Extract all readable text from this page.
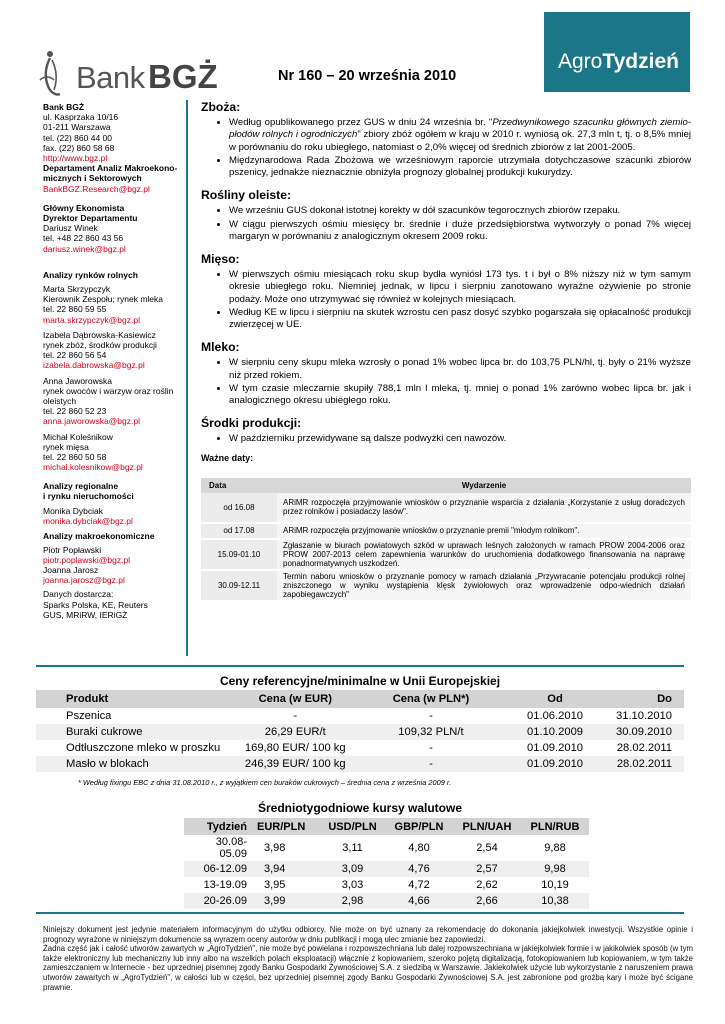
Bank BGŻ	Nr 160 – 20 września 2010
AgroTydzień
Bank BGŻ
ul. Kasprzaka 10/16
01-211 Warszawa
tel. (22) 860 44 00
fax. (22) 860 58 68
http://www.bgz.pl
Departament Analiz Makroekono-
micznych i Sektorowych
BankBGZ.Research@bgz.pl
Główny Ekonomista
Dyrektor Departamentu
Dariusz Winek
tel. +48 22 860 43 56
dariusz.winek@bgz.pl
Analizy rynków rolnych
Marta Skrzypczyk
Kierownik Zespołu; rynek mleka
tel. 22 860 59 55
marta.skrzypczyk@bgz.pl
Izabela Dąbrowska-Kasiewicz
rynek zbóż, środków produkcji
tel. 22 860 56 54
izabela.dabrowska@bgz.pl
Anna Jaworowska
rynek owoców i warzyw oraz roślin
oleistych
tel. 22 860 52 23
anna.jaworowska@bgz.pl
Michał Koleśnikow
rynek mięsa
tel. 22 860 50 58
michal.kolesnikow@bgz.pl
Analizy regionalne
i rynku nieruchomości
Monika Dybciak
monika.dybciak@bgz.pl
Analizy makroekonomiczne
Piotr Popławski
piotr.poplawski@bgz.pl
Joanna Jarosz
joanna.jarosz@bgz.pl
Danych dostarcza:
Sparks Polska, KE, Reuters
GUS, MRiRW, IERiGŻ
Zboża:
• Według opublikowanego przez GUS w dniu 24 września br. "Przedwynikowego szacunku głównych ziemio-płodów rolnych i ogrodniczych" zbiory zbóż ogółem w kraju w 2010 r. wyniosą ok. 27,3 mln t, tj. o 8,5% mniej w porównaniu do roku ubiegłego, natomiast o 2,0% więcej od średnich zbiorów z lat 2001-2005.
• Międzynarodowa Rada Zbożowa we wrześniowym raporcie utrzymała dotychczasowe szacunki zbiorów pszenicy, jednakże nieznacznie obniżyła prognozy globalnej produkcji kukurydzy.
Rośliny oleiste:
• We wrześniu GUS dokonał istotnej korekty w dół szacunków tegorocznych zbiorów rzepaku.
• W ciągu pierwszych ośmiu miesięcy br. średnie i duże przedsiębiorstwa wytworzyły o ponad 7% więcej margaryn w porównaniu z analogicznym okresem 2009 roku.
Mięso:
• W pierwszych ośmiu miesiącach roku skup bydła wyniósł 173 tys. t i był o 8% niższy niż w tym samym okresie ubiegłego roku. Niemniej jednak, w lipcu i sierpniu zanotowano wyraźne ożywienie po stronie podaży. Może ono utrzymywać się również w kolejnych miesiącach.
• Według KE w lipcu i sierpniu na skutek wzrostu cen pasz dosyć szybko pogarszała się opłacalność produkcji zwierzęcej w UE.
Mleko:
• W sierpniu ceny skupu mleka wzrosły o ponad 1% wobec lipca br. do 103,75 PLN/hl, tj. były o 21% wyższe niż przed rokiem.
• W tym czasie mleczarnie skupiły 788,1 mln l mleka, tj. mniej o ponad 1% zarówno wobec lipca br. jak i analogicznego okresu ubiegłego roku.
Środki produkcji:
• W październiku przewidywane są dalsze podwyżki cen nawozów.
Ważne daty:
Data	Wydarzenie
od 16.08	ARiMR rozpoczęła przyjmowanie wniosków o przyznanie wsparcia z działania „Korzystanie z usług doradczych przez rolników i posiadaczy lasów".
od 17.08	ARiMR rozpoczęła przyjmowanie wniosków o przyznanie premii "młodym rolnikom".
15.09-01.10	Zgłaszanie w biurach powiatowych szkód w uprawach leśnych założonych w ramach PROW 2004-2006 oraz PROW 2007-2013 celem zapewnienia warunków do uruchomienia dodatkowego finansowania na naprawę ponadnormatywnych uszkodzeń.
30.09-12.11	Termin naboru wniosków o przyznanie pomocy w ramach działania „Przywracanie potencjału produkcji rolnej zniszczonego w wyniku wystąpienia klęsk żywiołowych oraz wprowadzenie odpo-wiednich działań zapobiegawczych"
Ceny referencyjne/minimalne w Unii Europejskiej
Produkt	Cena (w EUR)	Cena (w PLN*)	Od	Do
Pszenica	-	-	01.06.2010	31.10.2010
Buraki cukrowe	26,29 EUR/t	109,32 PLN/t	01.10.2009	30.09.2010
Odtłuszczone mleko w proszku	169,80 EUR/ 100 kg	-	01.09.2010	28.02.2011
Masło w blokach	246,39 EUR/ 100 kg	-	01.09.2010	28.02.2011
* Według fixingu EBC z dnia 31.08.2010 r., z wyjątkiem cen buraków cukrowych – średnia cena z września 2009 r.
Średniotygodniowe kursy walutowe
Tydzień	EUR/PLN	USD/PLN	GBP/PLN	PLN/UAH	PLN/RUB
30.08-05.09	3,98	3,11	4,80	2,54	9,88
06-12.09	3,94	3,09	4,76	2,57	9,98
13-19.09	3,95	3,03	4,72	2,62	10,19
20-26.09	3,99	2,98	4,66	2,66	10,38

Niniejszy dokument jest jedynie materiałem informacyjnym do użytku odbiorcy. Nie może on być uznany za rekomendację do dokonania jakiejkolwiek inwestycji. Wszystkie opinie i prognozy wyrażone w niniejszym dokumencie są wyrazem oceny autorów w dniu publikacji i mogą ulec zmianie bez zapowiedzi.

Żadna część jak i całość utworów zawartych w „AgroTydzień", nie może być powielana i rozpowszechniana lub dalej rozpowszechniana w jakiejkolwiek formie i w jakikolwiek sposób (w tym także elektroniczny lub mechaniczny lub inny albo na wszelkich polach eksploatacji) włącznie z kopiowaniem, szeroko pojętą digitalizacją, fotokopiowaniem lub kopiowaniem, w tym także zamieszczaniem w Internecie - bez uprzedniej pisemnej zgody Banku Gospodarki Żywnościowej S.A. z siedzibą w Warszawie. Jakiekolwiek użycie lub wykorzystanie z naruszeniem prawa utworów zawartych w „AgroTydzień", w całości lub w części, bez uprzedniej pisemnej zgody Banku Gospodarki Żywnościowej S.A. jest zabronione pod groźbą kary i może być ścigane prawnie.
